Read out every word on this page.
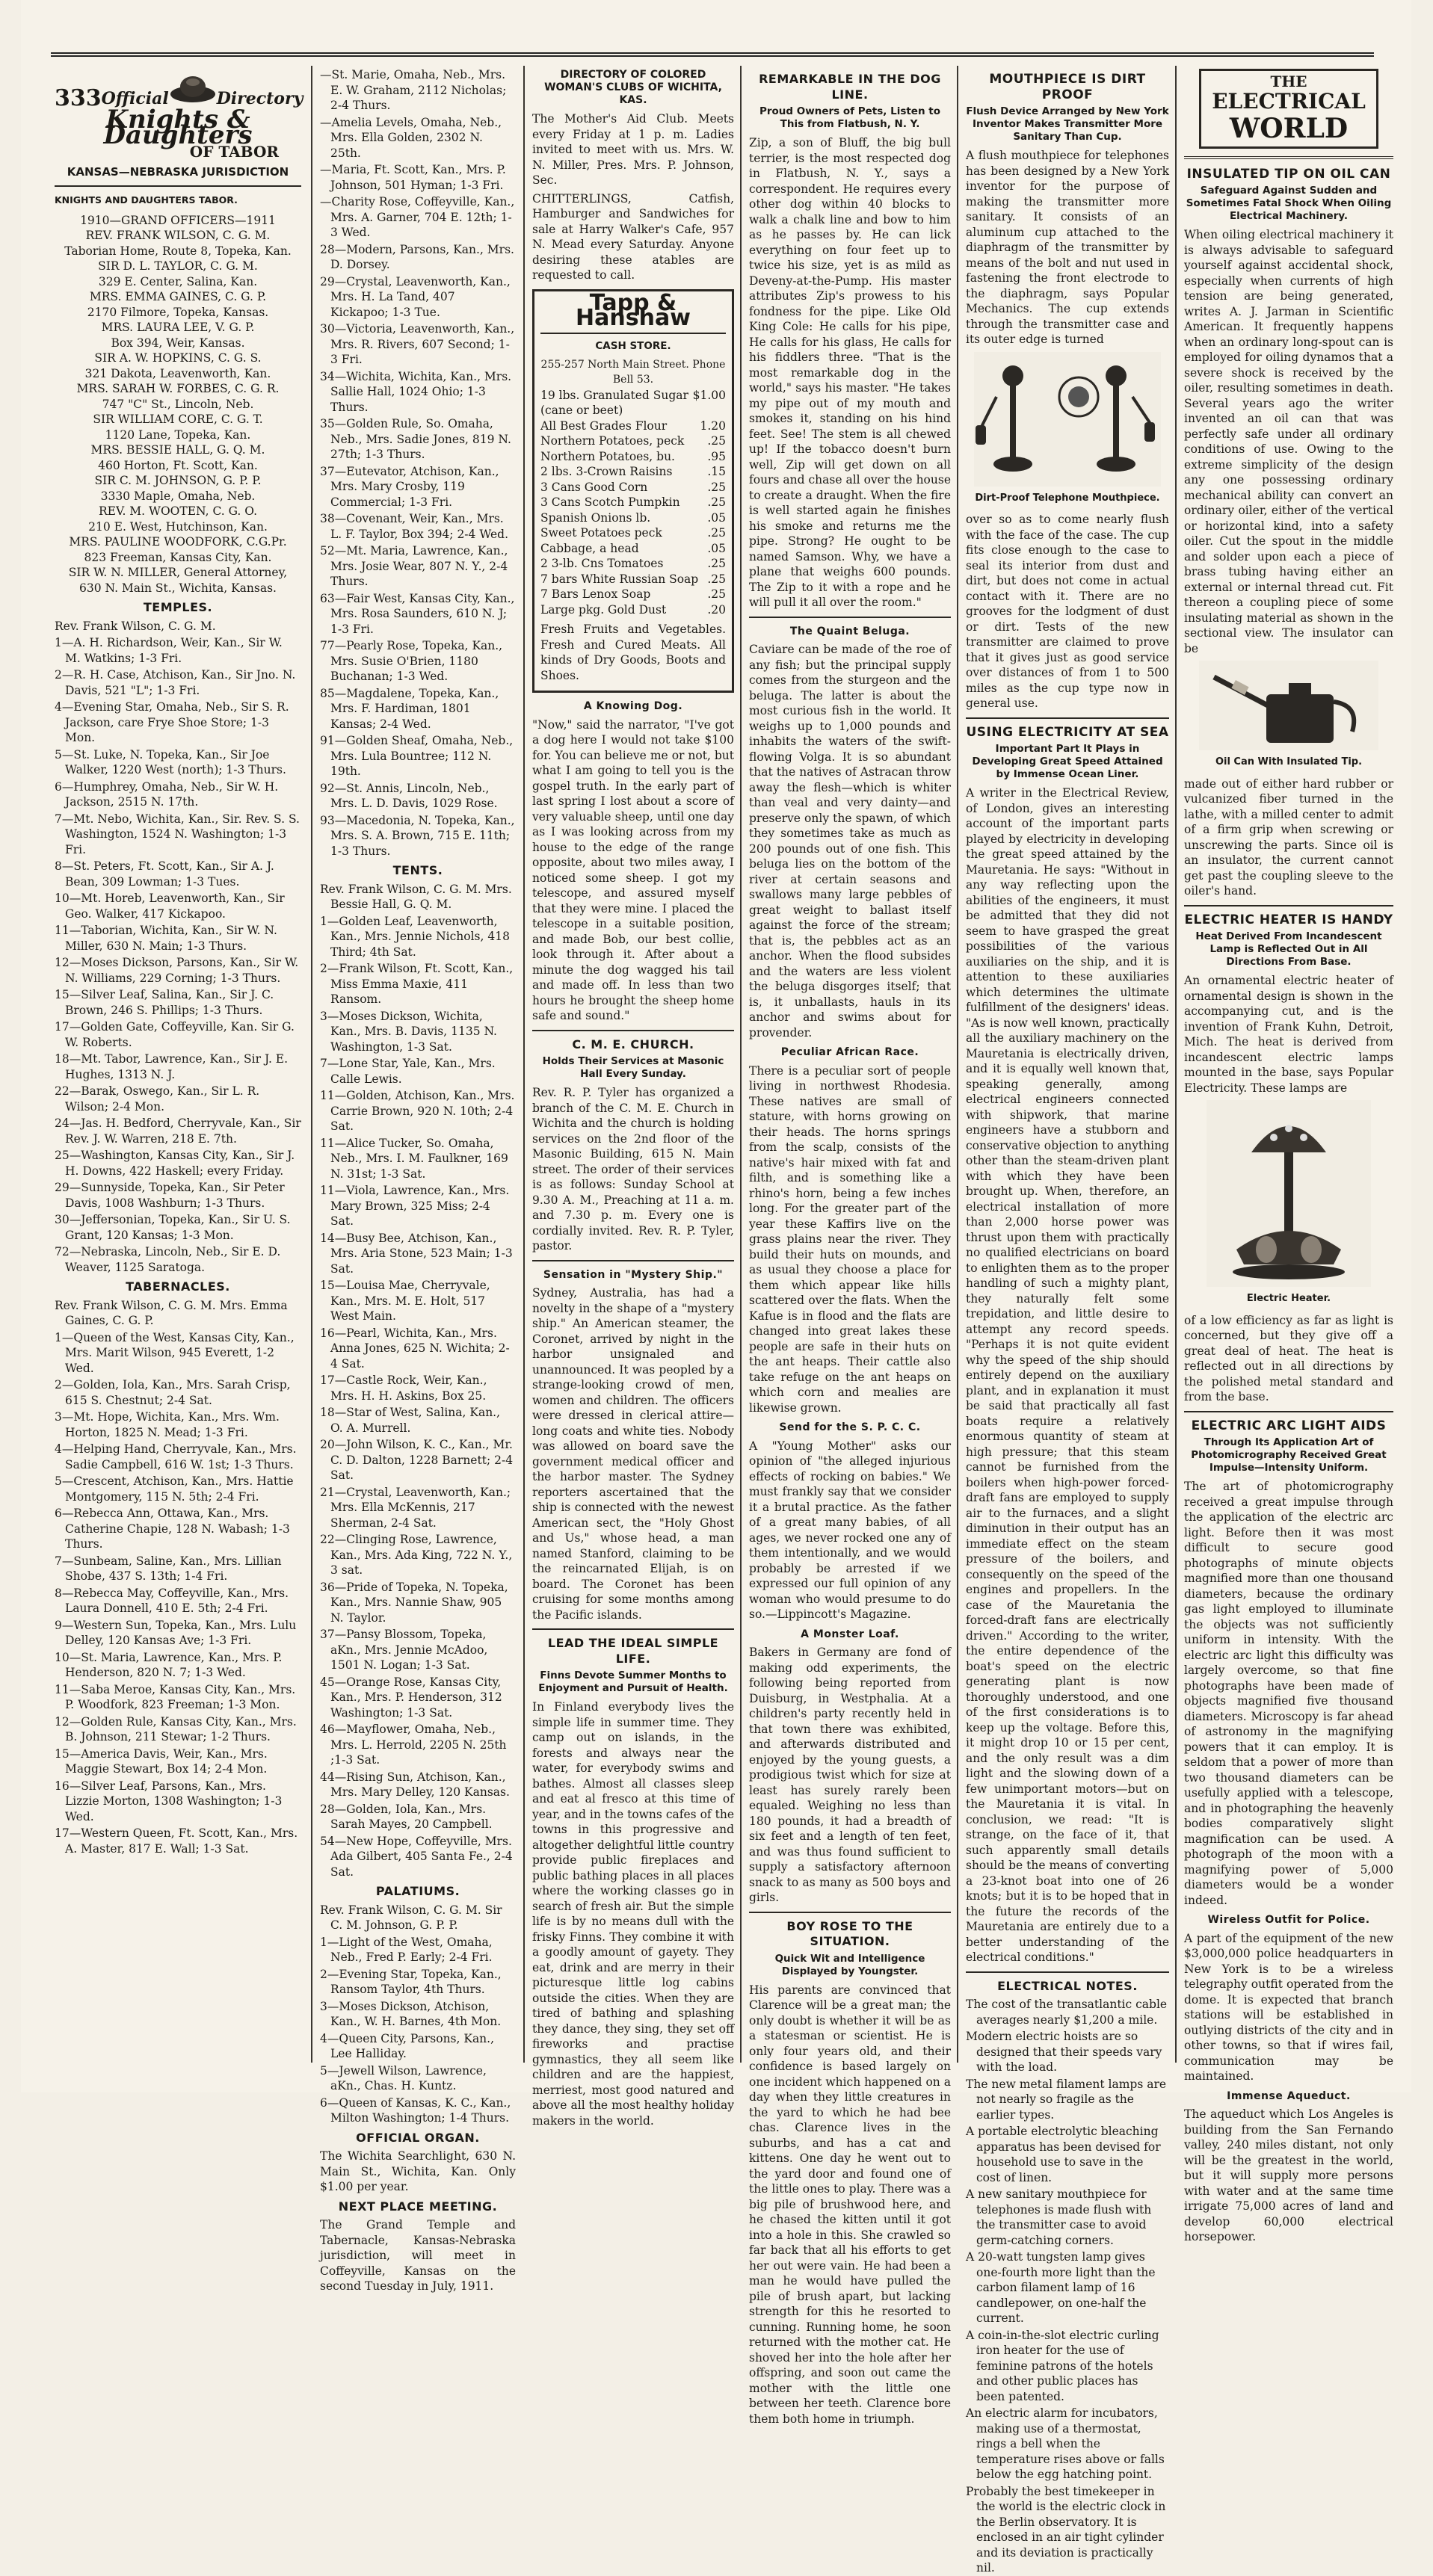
333 Official	Directory
Knights & Daughters
OF TABOR
KANSAS—NEBRASKA JURISDICTION
KNIGHTS AND DAUGHTERS TABOR.
1910—GRAND OFFICERS—1911
REV. FRANK WILSON, C. G. M.
Taborian Home, Route 8, Topeka, Kan.
SIR D. L. TAYLOR, C. G. M.
329 E. Center, Salina, Kan.
MRS. EMMA GAINES, C. G. P.
2170 Filmore, Topeka, Kansas.
MRS. LAURA LEE, V. G. P.
Box 394, Weir, Kansas.
SIR A. W. HOPKINS, C. G. S.
321 Dakota, Leavenworth, Kan.
MRS. SARAH W. FORBES, C. G. R.
747 "C" St., Lincoln, Neb.
SIR WILLIAM CORE, C. G. T.
1120 Lane, Topeka, Kan.
MRS. BESSIE HALL, G. Q. M.
460 Horton, Ft. Scott, Kan.
SIR C. M. JOHNSON, G. P. P.
3330 Maple, Omaha, Neb.
REV. M. WOOTEN, C. G. O.
210 E. West, Hutchinson, Kan.
MRS. PAULINE WOODFORK, C.G.Pr.
823 Freeman, Kansas City, Kan.
SIR W. N. MILLER, General Attorney,
630 N. Main St., Wichita, Kansas.
TEMPLES.
Rev. Frank Wilson, C. G. M.
1—A. H. Richardson, Weir, Kan., Sir W. M. Watkins; 1-3 Fri.
2—R. H. Case, Atchison, Kan., Sir Jno. N. Davis, 521 "L"; 1-3 Fri.
4—Evening Star, Omaha, Neb., Sir S. R. Jackson, care Frye Shoe Store; 1-3 Mon.
5—St. Luke, N. Topeka, Kan., Sir Joe Walker, 1220 West (north); 1-3 Thurs.
6—Humphrey, Omaha, Neb., Sir W. H. Jackson, 2515 N. 17th.
7—Mt. Nebo, Wichita, Kan., Sir. Rev. S. S. Washington, 1524 N. Washington; 1-3 Fri.
8—St. Peters, Ft. Scott, Kan., Sir A. J. Bean, 309 Lowman; 1-3 Tues.
10—Mt. Horeb, Leavenworth, Kan., Sir Geo. Walker, 417 Kickapoo.
11—Taborian, Wichita, Kan., Sir W. N. Miller, 630 N. Main; 1-3 Thurs.
12—Moses Dickson, Parsons, Kan., Sir W. N. Williams, 229 Corning; 1-3 Thurs.
15—Silver Leaf, Salina, Kan., Sir J. C. Brown, 246 S. Phillips; 1-3 Thurs.
17—Golden Gate, Coffeyville, Kan. Sir G. W. Roberts.
18—Mt. Tabor, Lawrence, Kan., Sir J. E. Hughes, 1313 N. J.
22—Barak, Oswego, Kan., Sir L. R. Wilson; 2-4 Mon.
24—Jas. H. Bedford, Cherryvale, Kan., Sir Rev. J. W. Warren, 218 E. 7th.
25—Washington, Kansas City, Kan., Sir J. H. Downs, 422 Haskell; every Friday.
29—Sunnyside, Topeka, Kan., Sir Peter Davis, 1008 Washburn; 1-3 Thurs.
30—Jeffersonian, Topeka, Kan., Sir U. S. Grant, 120 Kansas; 1-3 Mon.
72—Nebraska, Lincoln, Neb., Sir E. D. Weaver, 1125 Saratoga.
TABERNACLES.
Rev. Frank Wilson, C. G. M. Mrs. Emma Gaines, C. G. P.
1—Queen of the West, Kansas City, Kan., Mrs. Marit Wilson, 945 Everett, 1-2 Wed.
2—Golden, Iola, Kan., Mrs. Sarah Crisp, 615 S. Chestnut; 2-4 Sat.
3—Mt. Hope, Wichita, Kan., Mrs. Wm. Horton, 1825 N. Mead; 1-3 Fri.
4—Helping Hand, Cherryvale, Kan., Mrs. Sadie Campbell, 616 W. 1st; 1-3 Thurs.
5—Crescent, Atchison, Kan., Mrs. Hattie Montgomery, 115 N. 5th; 2-4 Fri.
6—Rebecca Ann, Ottawa, Kan., Mrs. Catherine Chapie, 128 N. Wabash; 1-3 Thurs.
7—Sunbeam, Saline, Kan., Mrs. Lillian Shobe, 437 S. 13th; 1-4 Fri.
8—Rebecca May, Coffeyville, Kan., Mrs. Laura Donnell, 410 E. 5th; 2-4 Fri.
9—Western Sun, Topeka, Kan., Mrs. Lulu Delley, 120 Kansas Ave; 1-3 Fri.
10—St. Maria, Lawrence, Kan., Mrs. P. Henderson, 820 N. 7; 1-3 Wed.
11—Saba Meroe, Kansas City, Kan., Mrs. P. Woodfork, 823 Freeman; 1-3 Mon.
12—Golden Rule, Kansas City, Kan., Mrs. B. Johnson, 211 Stewar; 1-2 Thurs.
15—America Davis, Weir, Kan., Mrs. Maggie Stewart, Box 14; 2-4 Mon.
16—Silver Leaf, Parsons, Kan., Mrs. Lizzie Morton, 1308 Washington; 1-3 Wed.
17—Western Queen, Ft. Scott, Kan., Mrs. A. Master, 817 E. Wall; 1-3 Sat.
—St. Marie, Omaha, Neb., Mrs. E. W. Graham, 2112 Nicholas; 2-4 Thurs.
—Amelia Levels, Omaha, Neb., Mrs. Ella Golden, 2302 N. 25th.
—Maria, Ft. Scott, Kan., Mrs. P. Johnson, 501 Hyman; 1-3 Fri.
—Charity Rose, Coffeyville, Kan., Mrs. A. Garner, 704 E. 12th; 1-3 Wed.
28—Modern, Parsons, Kan., Mrs. D. Dorsey.
29—Crystal, Leavenworth, Kan., Mrs. H. La Tand, 407 Kickapoo; 1-3 Tue.
30—Victoria, Leavenworth, Kan., Mrs. R. Rivers, 607 Second; 1-3 Fri.
34—Wichita, Wichita, Kan., Mrs. Sallie Hall, 1024 Ohio; 1-3 Thurs.
35—Golden Rule, So. Omaha, Neb., Mrs. Sadie Jones, 819 N. 27th; 1-3 Thurs.
37—Eutevator, Atchison, Kan., Mrs. Mary Crosby, 119 Commercial; 1-3 Fri.
38—Covenant, Weir, Kan., Mrs. L. F. Taylor, Box 394; 2-4 Wed.
52—Mt. Maria, Lawrence, Kan., Mrs. Josie Wear, 807 N. Y., 2-4 Thurs.
63—Fair West, Kansas City, Kan., Mrs. Rosa Saunders, 610 N. J; 1-3 Fri.
77—Pearly Rose, Topeka, Kan., Mrs. Susie O'Brien, 1180 Buchanan; 1-3 Wed.
85—Magdalene, Topeka, Kan., Mrs. F. Hardiman, 1801 Kansas; 2-4 Wed.
91—Golden Sheaf, Omaha, Neb., Mrs. Lula Bountree; 112 N. 19th.
92—St. Annis, Lincoln, Neb., Mrs. L. D. Davis, 1029 Rose.
93—Macedonia, N. Topeka, Kan., Mrs. S. A. Brown, 715 E. 11th; 1-3 Thurs.
TENTS.
Rev. Frank Wilson, C. G. M. Mrs. Bessie Hall, G. Q. M.
1—Golden Leaf, Leavenworth, Kan., Mrs. Jennie Nichols, 418 Third; 4th Sat.
2—Frank Wilson, Ft. Scott, Kan., Miss Emma Maxie, 411 Ransom.
3—Moses Dickson, Wichita, Kan., Mrs. B. Davis, 1135 N. Washington, 1-3 Sat.
7—Lone Star, Yale, Kan., Mrs. Calle Lewis.
11—Golden, Atchison, Kan., Mrs. Carrie Brown, 920 N. 10th; 2-4 Sat.
11—Alice Tucker, So. Omaha, Neb., Mrs. I. M. Faulkner, 169 N. 31st; 1-3 Sat.
11—Viola, Lawrence, Kan., Mrs. Mary Brown, 325 Miss; 2-4 Sat.
14—Busy Bee, Atchison, Kan., Mrs. Aria Stone, 523 Main; 1-3 Sat.
15—Louisa Mae, Cherryvale, Kan., Mrs. M. E. Holt, 517 West Main.
16—Pearl, Wichita, Kan., Mrs. Anna Jones, 625 N. Wichita; 2-4 Sat.
17—Castle Rock, Weir, Kan., Mrs. H. H. Askins, Box 25.
18—Star of West, Salina, Kan., O. A. Murrell.
20—John Wilson, K. C., Kan., Mr. C. D. Dalton, 1228 Barnett; 2-4 Sat.
21—Crystal, Leavenworth, Kan.; Mrs. Ella McKennis, 217 Sherman, 2-4 Sat.
22—Clinging Rose, Lawrence, Kan., Mrs. Ada King, 722 N. Y., 3 sat.
36—Pride of Topeka, N. Topeka, Kan., Mrs. Nannie Shaw, 905 N. Taylor.
37—Pansy Blossom, Topeka, aKn., Mrs. Jennie McAdoo, 1501 N. Logan; 1-3 Sat.
45—Orange Rose, Kansas City, Kan., Mrs. P. Henderson, 312 Washington; 1-3 Sat.
46—Mayflower, Omaha, Neb., Mrs. L. Herrold, 2205 N. 25th ;1-3 Sat.
44—Rising Sun, Atchison, Kan., Mrs. Mary Delley, 120 Kansas.
28—Golden, Iola, Kan., Mrs. Sarah Mayes, 20 Campbell.
54—New Hope, Coffeyville, Mrs. Ada Gilbert, 405 Santa Fe., 2-4 Sat.
PALATIUMS.
Rev. Frank Wilson, C. G. M. Sir C. M. Johnson, G. P. P.
1—Light of the West, Omaha, Neb., Fred P. Early; 2-4 Fri.
2—Evening Star, Topeka, Kan., Ransom Taylor, 4th Thurs.
3—Moses Dickson, Atchison, Kan., W. H. Barnes, 4th Mon.
4—Queen City, Parsons, Kan., Lee Halliday.
5—Jewell Wilson, Lawrence, aKn., Chas. H. Kuntz.
6—Queen of Kansas, K. C., Kan., Milton Washington; 1-4 Thurs.
OFFICIAL ORGAN.

The Wichita Searchlight, 630 N. Main St., Wichita, Kan. Only $1.00 per year.

NEXT PLACE MEETING.

The Grand Temple and Tabernacle, Kansas-Nebraska jurisdiction, will meet in Coffeyville, Kansas on the second Tuesday in July, 1911.

DIRECTORY OF COLORED WOMAN'S CLUBS OF WICHITA, KAS.

The Mother's Aid Club. Meets every Friday at 1 p. m. Ladies invited to meet with us. Mrs. W. N. Miller, Pres. Mrs. P. Johnson, Sec.

CHITTERLINGS, Catfish, Hamburger and Sandwiches for sale at Harry Walker's Cafe, 957 N. Mead every Saturday. Anyone desiring these atables are requested to call.

Tapp & Hanshaw
CASH STORE.
255-257 North Main Street. Phone Bell 53.
19 lbs. Granulated Sugar (cane or beet)
$1.00
All Best Grades Flour	1.20
Northern Potatoes, peck .25
Northern Potatoes, bu.	.95
2 lbs. 3-Crown Raisins	.15
3 Cans Good Corn	.25
3 Cans Scotch Pumpkin .25
Spanish Onions lb.	.05
Sweet Potatoes peck	.25
Cabbage, a head	.05
2 3-lb. Cns Tomatoes	.25
7 bars White Russian Soap .25
7 Bars Lenox Soap	.25
Large pkg. Gold Dust	.20

Fresh Fruits and Vegetables. Fresh and Cured Meats. All kinds of Dry Goods, Boots and Shoes.

A Knowing Dog.

"Now," said the narrator, "I've got a dog here I would not take $100 for. You can believe me or not, but what I am going to tell you is the gospel truth. In the early part of last spring I lost about a score of very valuable sheep, until one day as I was looking across from my house to the edge of the range opposite, about two miles away, I noticed some sheep. I got my telescope, and assured myself that they were mine. I placed the telescope in a suitable position, and made Bob, our best collie, look through it. After about a minute the dog wagged his tail and made off. In less than two hours he brought the sheep home safe and sound."

C. M. E. CHURCH.
Holds Their Services at Masonic Hall Every Sunday.

Rev. R. P. Tyler has organized a branch of the C. M. E. Church in Wichita and the church is holding services on the 2nd floor of the Masonic Building, 615 N. Main street. The order of their services is as follows: Sunday School at 9.30 A. M., Preaching at 11 a. m. and 7.30 p. m. Every one is cordially invited. Rev. R. P. Tyler, pastor.

Sensation in "Mystery Ship."

Sydney, Australia, has had a novelty in the shape of a "mystery ship." An American steamer, the Coronet, arrived by night in the harbor unsignaled and unannounced. It was peopled by a strange-looking crowd of men, women and children. The officers were dressed in clerical attire—long coats and white ties. Nobody was allowed on board save the government medical officer and the harbor master. The Sydney reporters ascertained that the ship is connected with the newest American sect, the "Holy Ghost and Us," whose head, a man named Stanford, claiming to be the reincarnated Elijah, is on board. The Coronet has been cruising for some months among the Pacific islands.

LEAD THE IDEAL SIMPLE LIFE.
Finns Devote Summer Months to Enjoyment and Pursuit of Health.

In Finland everybody lives the simple life in summer time. They camp out on islands, in the forests and always near the water, for everybody swims and bathes. Almost all classes sleep and eat al fresco at this time of year, and in the towns cafes of the towns in this progressive and altogether delightful little country provide public fireplaces and public bathing places in all places where the working classes go in search of fresh air. But the simple life is by no means dull with the frisky Finns. They combine it with a goodly amount of gayety. They eat, drink and are merry in their picturesque little log cabins outside the cities. When they are tired of bathing and splashing they dance, they sing, they set off fireworks and practise gymnastics, they all seem like children and are the happiest, merriest, most good natured and above all the most healthy holiday makers in the world.

REMARKABLE IN THE DOG LINE.
Proud Owners of Pets, Listen to This from Flatbush, N. Y.

Zip, a son of Bluff, the big bull terrier, is the most respected dog in Flatbush, N. Y., says a correspondent. He requires every other dog within 40 blocks to walk a chalk line and bow to him as he passes by. He can lick everything on four feet up to twice his size, yet is as mild as Deveny-at-the-Pump. His master attributes Zip's prowess to his fondness for the pipe. Like Old King Cole: He calls for his pipe, He calls for his glass, He calls for his fiddlers three. "That is the most remarkable dog in the world," says his master. "He takes my pipe out of my mouth and smokes it, standing on his hind feet. See! The stem is all chewed up! If the tobacco doesn't burn well, Zip will get down on all fours and chase all over the house to create a draught. When the fire is well started again he finishes his smoke and returns me the pipe. Strong? He ought to be named Samson. Why, we have a plane that weighs 600 pounds. The Zip to it with a rope and he will pull it all over the room."

The Quaint Beluga.

Caviare can be made of the roe of any fish; but the principal supply comes from the sturgeon and the beluga. The latter is about the most curious fish in the world. It weighs up to 1,000 pounds and inhabits the waters of the swift-flowing Volga. It is so abundant that the natives of Astracan throw away the flesh—which is whiter than veal and very dainty—and preserve only the spawn, of which they sometimes take as much as 200 pounds out of one fish. This beluga lies on the bottom of the river at certain seasons and swallows many large pebbles of great weight to ballast itself against the force of the stream; that is, the pebbles act as an anchor. When the flood subsides and the waters are less violent the beluga disgorges itself; that is, it unballasts, hauls in its anchor and swims about for provender.

Peculiar African Race.

There is a peculiar sort of people living in northwest Rhodesia. These natives are small of stature, with horns growing on their heads. The horns springs from the scalp, consists of the native's hair mixed with fat and filth, and is something like a rhino's horn, being a few inches long. For the greater part of the year these Kaffirs live on the grass plains near the river. They build their huts on mounds, and as usual they choose a place for them which appear like hills scattered over the flats. When the Kafue is in flood and the flats are changed into great lakes these people are safe in their huts on the ant heaps. Their cattle also take refuge on the ant heaps on which corn and mealies are likewise grown.

Send for the S. P. C. C.

A "Young Mother" asks our opinion of "the alleged injurious effects of rocking on babies." We must frankly say that we consider it a brutal practice. As the father of a great many babies, of all ages, we never rocked one any of them intentionally, and we would probably be arrested if we expressed our full opinion of any woman who would presume to do so.—Lippincott's Magazine.

A Monster Loaf.

Bakers in Germany are fond of making odd experiments, the following being reported from Duisburg, in Westphalia. At a children's party recently held in that town there was exhibited, and afterwards distributed and enjoyed by the young guests, a prodigious twist which for size at least has surely rarely been equaled. Weighing no less than 180 pounds, it had a breadth of six feet and a length of ten feet, and was thus found sufficient to supply a satisfactory afternoon snack to as many as 500 boys and girls.

BOY ROSE TO THE SITUATION.
Quick Wit and Intelligence Displayed by Youngster.

His parents are convinced that Clarence will be a great man; the only doubt is whether it will be as a statesman or scientist. He is only four years old, and their confidence is based largely on one incident which happened on a day when they little creatures in the yard to which he had bee chas. Clarence lives in the suburbs, and has a cat and kittens. One day he went out to the yard door and found one of the little ones to play. There was a big pile of brushwood here, and he chased the kitten until it got into a hole in this. She crawled so far back that all his efforts to get her out were vain. He had been a man he would have pulled the pile of brush apart, but lacking strength for this he resorted to cunning. Running home, he soon returned with the mother cat. He shoved her into the hole after her offspring, and soon out came the mother with the little one between her teeth. Clarence bore them both home in triumph.

MOUTHPIECE IS DIRT PROOF
Flush Device Arranged by New York Inventor Makes Transmitter More Sanitary Than Cup.

A flush mouthpiece for telephones has been designed by a New York inventor for the purpose of making the transmitter more sanitary. It consists of an aluminum cup attached to the diaphragm of the transmitter by means of the bolt and nut used in fastening the front electrode to the diaphragm, says Popular Mechanics. The cup extends through the transmitter case and its outer edge is turned

Dirt-Proof Telephone Mouthpiece.

over so as to come nearly flush with the face of the case. The cup fits close enough to the case to seal its interior from dust and dirt, but does not come in actual contact with it. There are no grooves for the lodgment of dust or dirt. Tests of the new transmitter are claimed to prove that it gives just as good service over distances of from 1 to 500 miles as the cup type now in general use.

USING ELECTRICITY AT SEA
Important Part It Plays in Developing Great Speed Attained by Immense Ocean Liner.

A writer in the Electrical Review, of London, gives an interesting account of the important parts played by electricity in developing the great speed attained by the Mauretania. He says: "Without in any way reflecting upon the abilities of the engineers, it must be admitted that they did not seem to have grasped the great possibilities of the various auxiliaries on the ship, and it is attention to these auxiliaries which determines the ultimate fulfillment of the designers' ideas. "As is now well known, practically all the auxiliary machinery on the Mauretania is electrically driven, and it is equally well known that, speaking generally, among electrical engineers connected with shipwork, that marine engineers have a stubborn and conservative objection to anything other than the steam-driven plant with which they have been brought up. When, therefore, an electrical installation of more than 2,000 horse power was thrust upon them with practically no qualified electricians on board to enlighten them as to the proper handling of such a mighty plant, they naturally felt some trepidation, and little desire to attempt any record speeds. "Perhaps it is not quite evident why the speed of the ship should entirely depend on the auxiliary plant, and in explanation it must be said that practically all fast boats require a relatively enormous quantity of steam at high pressure; that this steam cannot be furnished from the boilers when high-power forced-draft fans are employed to supply air to the furnaces, and a slight diminution in their output has an immediate effect on the steam pressure of the boilers, and consequently on the speed of the engines and propellers. In the case of the Mauretania the forced-draft fans are electrically driven." According to the writer, the entire dependence of the boat's speed on the electric generating plant is now thoroughly understood, and one of the first considerations is to keep up the voltage. Before this, it might drop 10 or 15 per cent, and the only result was a dim light and the slowing down of a few unimportant motors—but on the Mauretania it is vital. In conclusion, we read: "It is strange, on the face of it, that such apparently small details should be the means of converting a 23-knot boat into one of 26 knots; but it is to be hoped that in the future the records of the Mauretania are entirely due to a better understanding of the electrical conditions."

ELECTRICAL NOTES.
The cost of the transatlantic cable averages nearly $1,200 a mile.
Modern electric hoists are so designed that their speeds vary with the load.
The new metal filament lamps are not nearly so fragile as the earlier types.
A portable electrolytic bleaching apparatus has been devised for household use to save in the cost of linen.
A new sanitary mouthpiece for telephones is made flush with the transmitter case to avoid germ-catching corners.
A 20-watt tungsten lamp gives one-fourth more light than the carbon filament lamp of 16 candlepower, on one-half the current.
A coin-in-the-slot electric curling iron heater for the use of feminine patrons of the hotels and other public places has been patented.
An electric alarm for incubators, making use of a thermostat, rings a bell when the temperature rises above or falls below the egg hatching point.
Probably the best timekeeper in the world is the electric clock in the Berlin observatory. It is enclosed in an air tight cylinder and its deviation is practically nil.
THE
ELECTRICAL
WORLD
INSULATED TIP ON OIL CAN
Safeguard Against Sudden and Sometimes Fatal Shock When Oiling Electrical Machinery.

When oiling electrical machinery it is always advisable to safeguard yourself against accidental shock, especially when currents of high tension are being generated, writes A. J. Jarman in Scientific American. It frequently happens when an ordinary long-spout can is employed for oiling dynamos that a severe shock is received by the oiler, resulting sometimes in death. Several years ago the writer invented an oil can that was perfectly safe under all ordinary conditions of use. Owing to the extreme simplicity of the design any one possessing ordinary mechanical ability can convert an ordinary oiler, either of the vertical or horizontal kind, into a safety oiler. Cut the spout in the middle and solder upon each a piece of brass tubing having either an external or internal thread cut. Fit thereon a coupling piece of some insulating material as shown in the sectional view. The insulator can be

Oil Can With Insulated Tip.

made out of either hard rubber or vulcanized fiber turned in the lathe, with a milled center to admit of a firm grip when screwing or unscrewing the parts. Since oil is an insulator, the current cannot get past the coupling sleeve to the oiler's hand.

ELECTRIC HEATER IS HANDY
Heat Derived From Incandescent Lamp is Reflected Out in All Directions From Base.

An ornamental electric heater of ornamental design is shown in the accompanying cut, and is the invention of Frank Kuhn, Detroit, Mich. The heat is derived from incandescent electric lamps mounted in the base, says Popular Electricity. These lamps are

Electric Heater.

of a low efficiency as far as light is concerned, but they give off a great deal of heat. The heat is reflected out in all directions by the polished metal standard and from the base.

ELECTRIC ARC LIGHT AIDS
Through Its Application Art of Photomicrography Received Great Impulse—Intensity Uniform.

The art of photomicrography received a great impulse through the application of the electric arc light. Before then it was most difficult to secure good photographs of minute objects magnified more than one thousand diameters, because the ordinary gas light employed to illuminate the objects was not sufficiently uniform in intensity. With the electric arc light this difficulty was largely overcome, so that fine photographs have been made of objects magnified five thousand diameters. Microscopy is far ahead of astronomy in the magnifying powers that it can employ. It is seldom that a power of more than two thousand diameters can be usefully applied with a telescope, and in photographing the heavenly bodies comparatively slight magnification can be used. A photograph of the moon with a magnifying power of 5,000 diameters would be a wonder indeed.

Wireless Outfit for Police.

A part of the equipment of the new $3,000,000 police headquarters in New York is to be a wireless telegraphy outfit operated from the dome. It is expected that branch stations will be established in outlying districts of the city and in other towns, so that if wires fail, communication may be maintained.

Immense Aqueduct.

The aqueduct which Los Angeles is building from the San Fernando valley, 240 miles distant, not only will be the greatest in the world, but it will supply more persons with water and at the same time irrigate 75,000 acres of land and develop 60,000 electrical horsepower.
